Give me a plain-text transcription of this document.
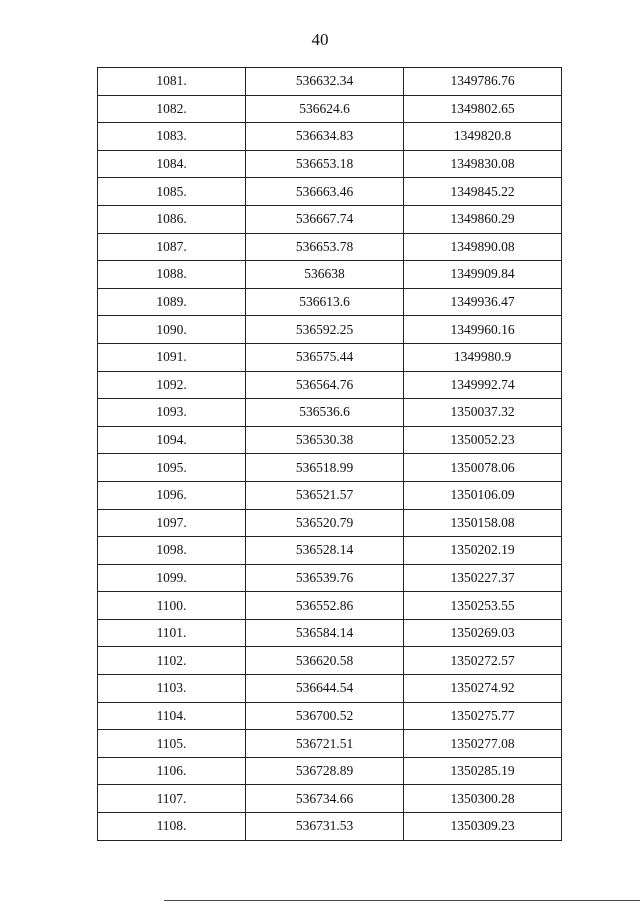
40
1081.	536632.34	1349786.76
1082.	536624.6	1349802.65
1083.	536634.83	1349820.8
1084.	536653.18	1349830.08
1085.	536663.46	1349845.22
1086.	536667.74	1349860.29
1087.	536653.78	1349890.08
1088.	536638	1349909.84
1089.	536613.6	1349936.47
1090.	536592.25	1349960.16
1091.	536575.44	1349980.9
1092.	536564.76	1349992.74
1093.	536536.6	1350037.32
1094.	536530.38	1350052.23
1095.	536518.99	1350078.06
1096.	536521.57	1350106.09
1097.	536520.79	1350158.08
1098.	536528.14	1350202.19
1099.	536539.76	1350227.37
1100.	536552.86	1350253.55
1101.	536584.14	1350269.03
1102.	536620.58	1350272.57
1103.	536644.54	1350274.92
1104.	536700.52	1350275.77
1105.	536721.51	1350277.08
1106.	536728.89	1350285.19
1107.	536734.66	1350300.28
1108.	536731.53	1350309.23
